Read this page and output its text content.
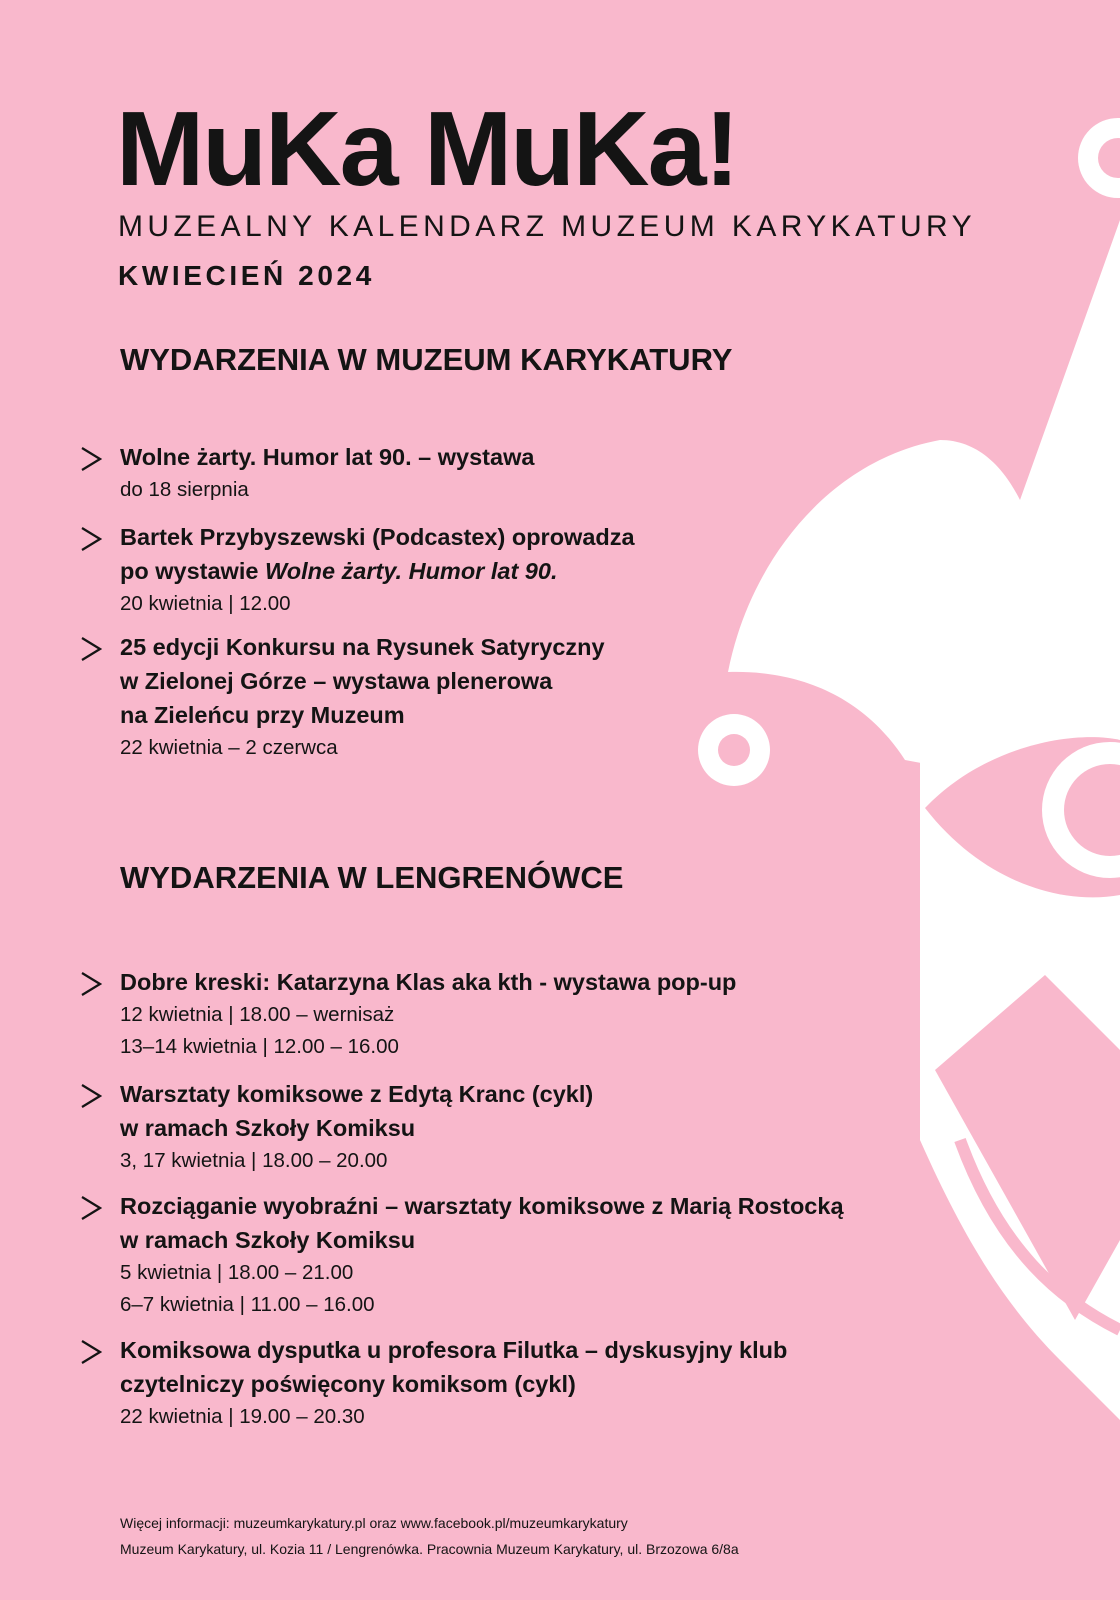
MuKa MuKa!

MUZEALNY KALENDARZ MUZEUM KARYKATURY

KWIECIEŃ 2024

WYDARZENIA W MUZEUM KARYKATURY

Wolne żarty. Humor lat 90. – wystawa

do 18 sierpnia

Bartek Przybyszewski (Podcastex) oprowadza

po wystawie Wolne żarty. Humor lat 90.

20 kwietnia | 12.00

25 edycji Konkursu na Rysunek Satyryczny

w Zielonej Górze – wystawa plenerowa

na Zieleńcu przy Muzeum

22 kwietnia – 2 czerwca

WYDARZENIA W LENGRENÓWCE

Dobre kreski: Katarzyna Klas aka kth - wystawa pop-up

12 kwietnia | 18.00 – wernisaż

13–14 kwietnia | 12.00 – 16.00

Warsztaty komiksowe z Edytą Kranc (cykl)

w ramach Szkoły Komiksu

3, 17 kwietnia | 18.00 – 20.00

Rozciąganie wyobraźni – warsztaty komiksowe z Marią Rostocką

w ramach Szkoły Komiksu

5 kwietnia | 18.00 – 21.00

6–7 kwietnia | 11.00 – 16.00

Komiksowa dysputka u profesora Filutka – dyskusyjny klub

czytelniczy poświęcony komiksom (cykl)

22 kwietnia | 19.00 – 20.30

Więcej informacji: muzeumkarykatury.pl oraz www.facebook.pl/muzeumkarykatury
Muzeum Karykatury, ul. Kozia 11 / Lengrenówka. Pracownia Muzeum Karykatury, ul. Brzozowa 6/8a
